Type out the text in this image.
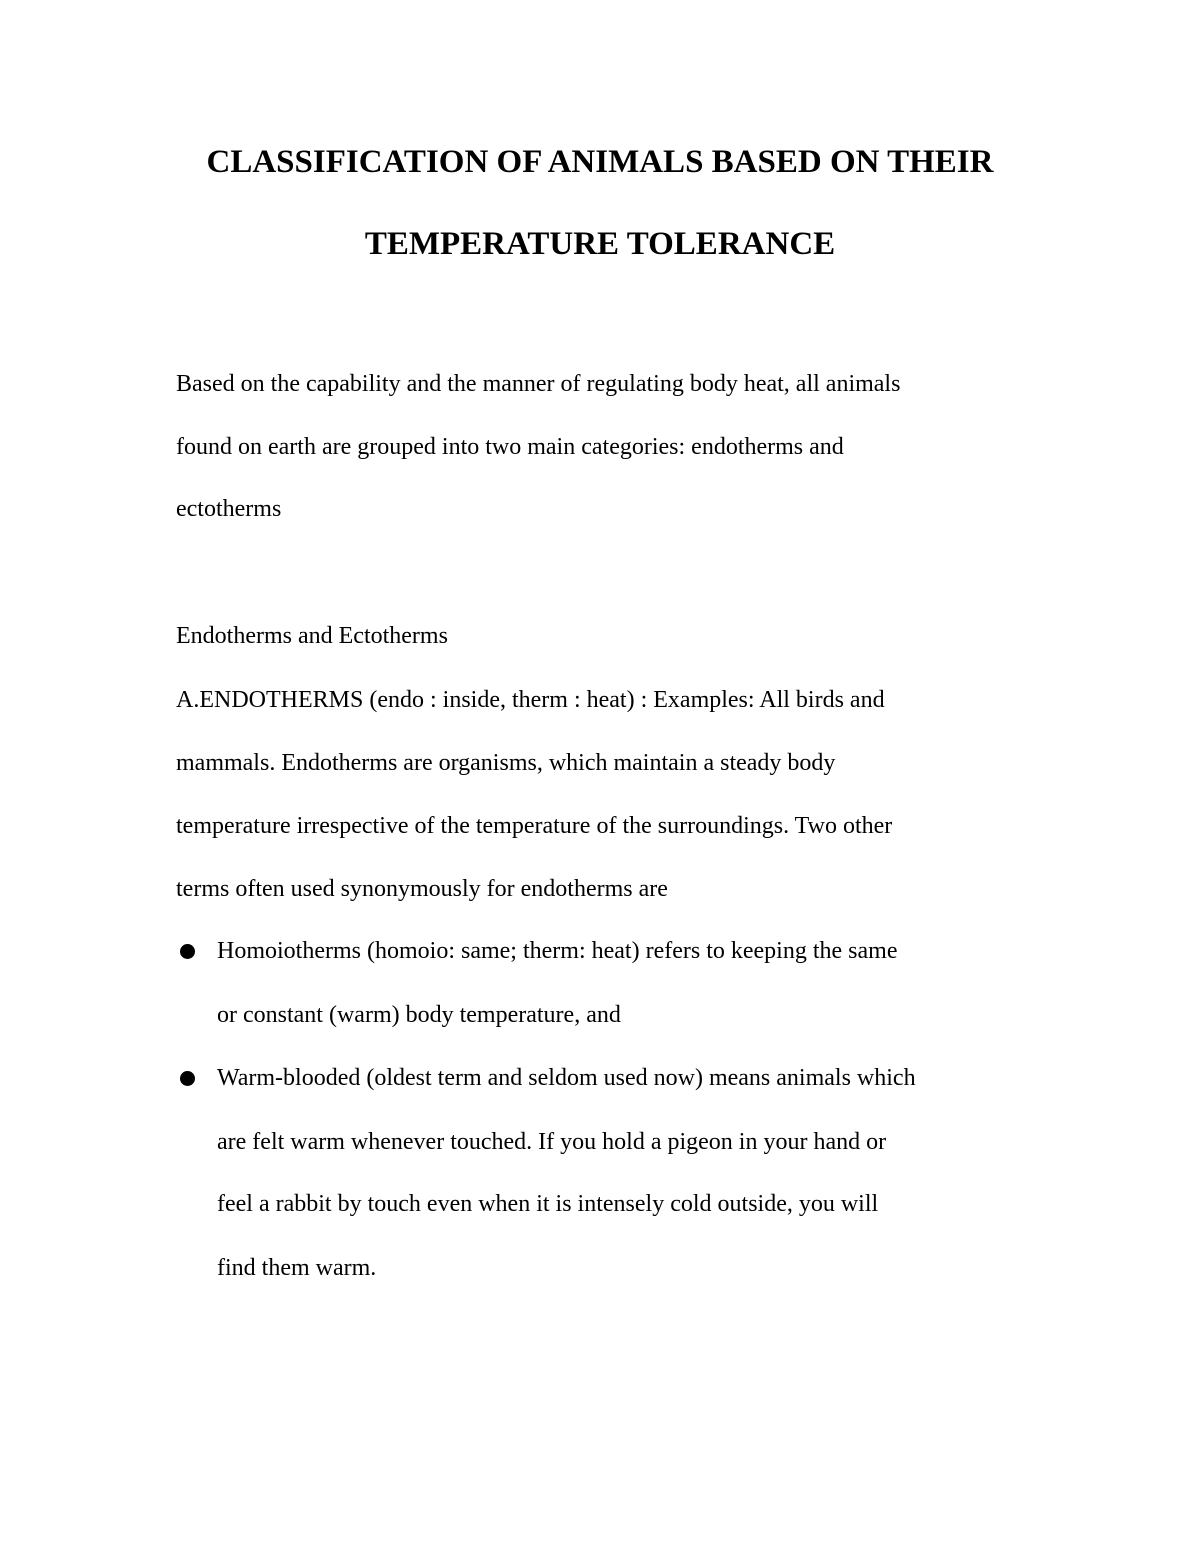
CLASSIFICATION OF ANIMALS BASED ON THEIR
TEMPERATURE TOLERANCE

Based on the capability and the manner of regulating body heat, all animals

found on earth are grouped into two main categories: endotherms and

ectotherms

Endotherms and Ectotherms

A.ENDOTHERMS (endo : inside, therm : heat) : Examples: All birds and

mammals. Endotherms are organisms, which maintain a steady body

temperature irrespective of the temperature of the surroundings. Two other

terms often used synonymously for endotherms are

Homoiotherms (homoio: same; therm: heat) refers to keeping the same

or constant (warm) body temperature, and

Warm-blooded (oldest term and seldom used now) means animals which

are felt warm whenever touched. If you hold a pigeon in your hand or

feel a rabbit by touch even when it is intensely cold outside, you will

find them warm.
